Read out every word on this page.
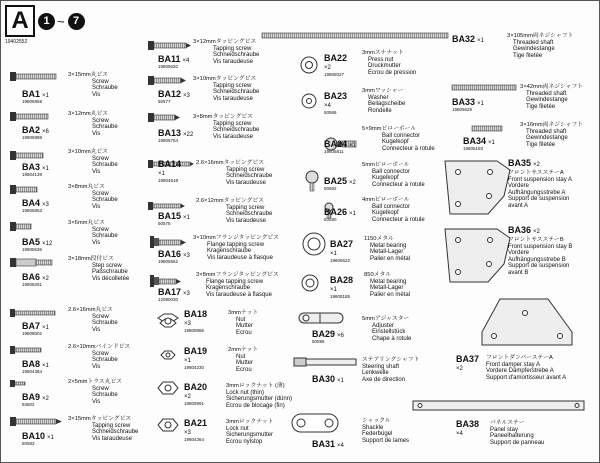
A	1 ~ 7
19402552
BA1 ×1
19805859
3×15mm丸ビス
Screw
Schraube
Vis
BA2 ×6
19805888
3×12mm丸ビス
Screw
Schraube
Vis
BA3 ×1
19804139
3×10mm丸ビス
Screw
Schraube
Vis
BA4 ×3
19805853
3×8mm丸ビス
Screw
Schraube
Vis
BA5 ×12
19805636
3×6mm丸ビス
Screw
Schraube
Vis
BA6 ×2
19808291
3×18mm段付ビス
Step screw
Paßschraube
Vis décolletée
BA7 ×1
19808002
2.6×16mm丸ビス
Screw
Schraube
Vis
BA8 ×1
19804384
2.6×10mmバインドビス
Screw
Schraube
Vis
BA9 ×2
94802
2×5mmトラス丸ビス
Screw
Schraube
Vis
BA10 ×1
50583
3×15mmタッピングビス
Tapping screw
Schneidschraube
Vis taraudeuse
BA11 ×4
19805620
3×12mmタッピングビス
Tapping screw
Schneidschraube
Vis taraudeuse
BA12 ×3
50577
3×10mmタッピングビス
Tapping screw
Schneidschraube
Vis taraudeuse
BA13 ×22
19805754
3×8mmタッピングビス
Tapping screw
Schneidschraube
Vis taraudeuse
BA14
×1
19804518
2.6×16mmタッピングビス
Tapping screw
Schneidschraube
Vis taraudeuse
BA15 ×1
50575
2.6×12mmタッピングビス
Tapping screw
Schneidschraube
Vis taraudeuse
BA16 ×3
19805662
3×10mmフランジタッピングビス
Flange tapping screw
Kragenschraube
Vis taraudeuse à flasque
BA17 ×3
12080030
3×8mmフランジタッピングビス
Flange tapping screw
Kragenschraube
Vis taraudeuse à flasque
BA18
×3
19805886
3mmナット
Nut
Mutter
Ecrou
BA19
×1
19804230
2mmナット
Nut
Mutter
Ecrou
BA20
×2
19805991
3mmロックナット (薄)
Lock nut (thin)
Sicherungsmutter (dünn)
Ecrou de blocage (fin)
BA21
×3
19804364
3mmロックナット
Lock nut
Sicherungsmutter
Ecrou nylstop
BA22
×2
19805027
3mmスナナット
Press nut
Druckmutter
Ecrou de pression
BA23
×4
50586
3mmワッシャー
Washer
Beilagscheibe
Rondelle
BA24 ×1
19805811
5×9mmピローボール
Ball connector
Kugelkopf
Connecteur à rotule
BA25 ×2
50592
5mmピローボール
Ball connector
Kugelkopf
Connecteur à rotule
BA26 ×1
50590
4mmピローボール
Ball connector
Kugelkopf
Connecteur à rotule
BA27
×1
19805622
1150メタル
Metal bearing
Metall-Lager
Palier en métal
BA28
×1
19805185
850メタル
Metal bearing
Metall-Lager
Palier en métal
BA29 ×6
50596
5mmアジャスター
Adjuster
Einstellstück
Chape à rotule
BA30 ×1
ステアリングシャフト
Steering shaft
Lenkwelle
Axe de direction
BA31 ×4
シャックル
Shackle
Federbügel
Support de lames
BA32 ×1
3×105mm両ネジシャフト
Threaded shaft
Gewindestange
Tige filetée
BA33 ×1
19805629
3×42mm両ネジシャフト
Threaded shaft
Gewindestange
Tige filetée
BA34 ×1
19805193
3×16mm両ネジシャフト
Threaded shaft
Gewindestange
Tige filetée
BA35 ×2
フロントサスステーA
Front suspension stay A
Vordere
Aufhängungsstrebe A
Support de suspension
avant A
BA36 ×2
フロントサスステーB
Front suspension stay B
Vordere
Aufhängungsstrebe B
Support de suspension
avant B
BA37
×2
フロントダンパーステーA
Front damper stay A
Vordere Dämpferstrebe A
Support d'amortisseur avant A
BA38
×4
パネルステー
Panel stay
Paneelhalterung
Support de panneau
